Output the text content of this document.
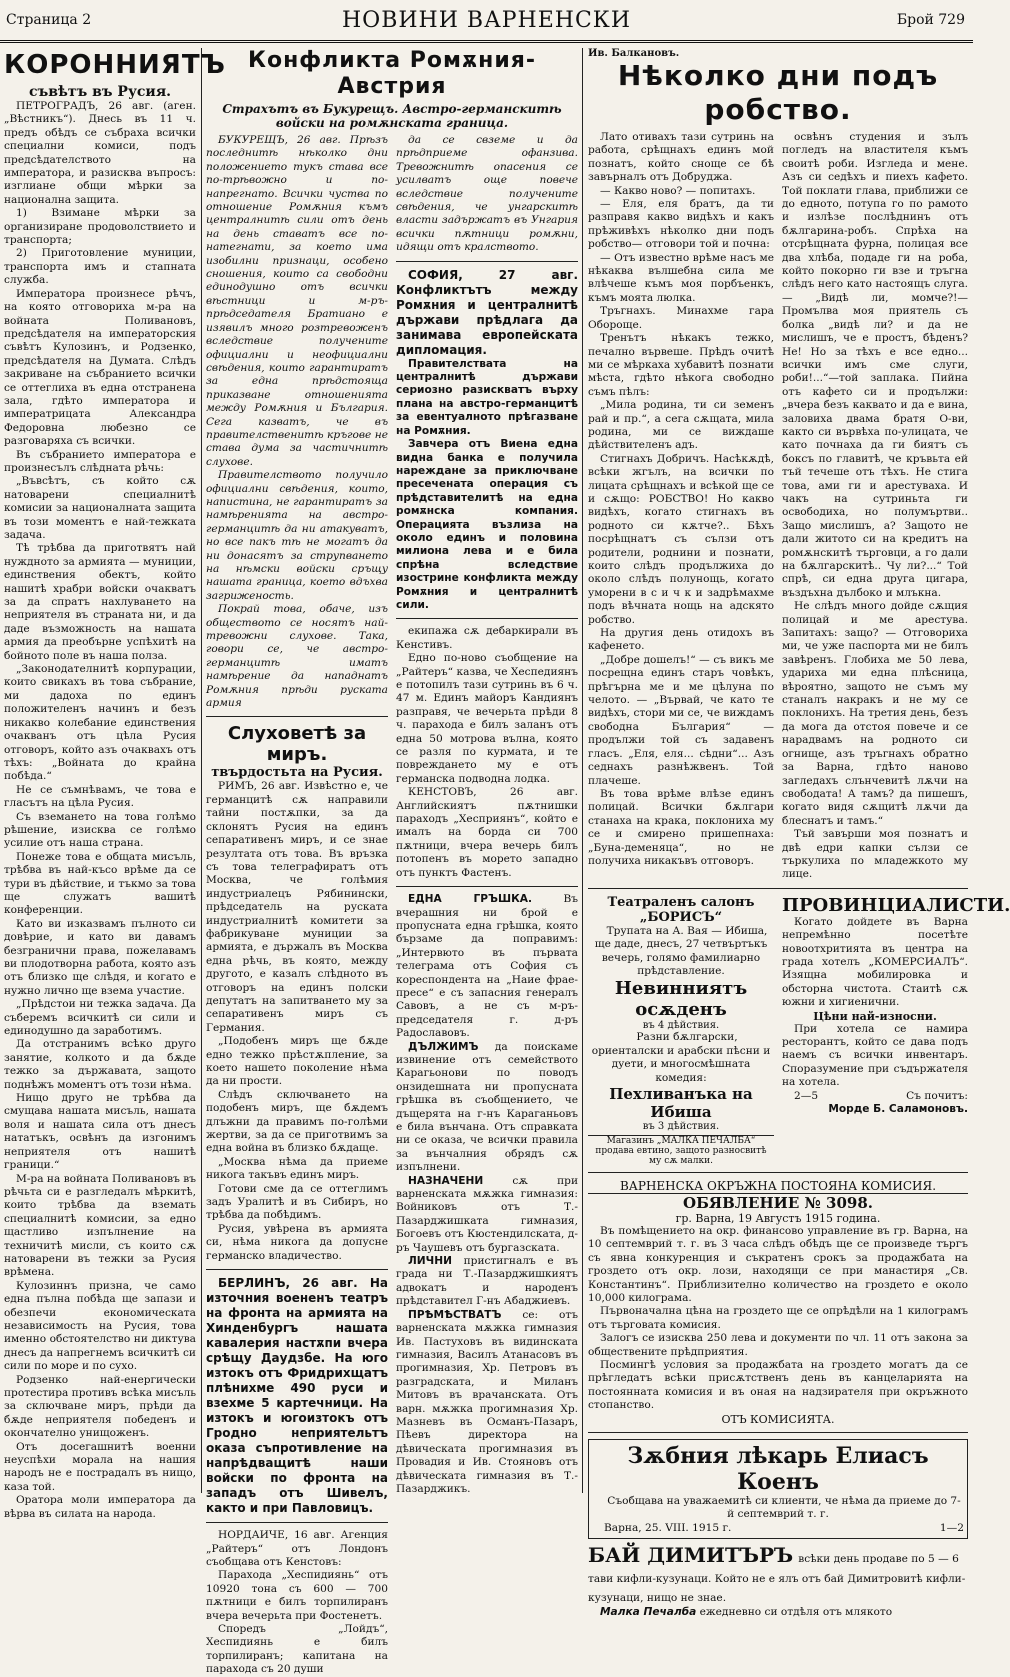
Страница 2	НОВИНИ ВАРНЕНСКИ	Брой 729
КОРОННИЯТЪ
съвѣтъ въ Русия.

ПЕТРОГРАДЪ, 26 авг. (аген. „Вѣстникъ“). Днесь въ 11 ч. предъ обѣдъ се събраха всички специални комиси, подъ предсѣдателството на императора, и разисква въпросъ: изглиане общи мѣрки за национална защита.

1) Взимане мѣрки за организиране продоволствието и транспорта;

2) Приготовление муниции, транспорта имъ и стапната служба.

Императора произнесе рѣчъ, на която отговориха м-ра на войната Поливановъ, предсѣдателя на императорския съвѣтъ Кулозинъ, и Родзенко, предсѣдателя на Думата. Слѣдъ закриване на събранието всички се оттеглиха въ една отстранена зала, гдѣто императора и императрицата Александра Федоровна любезно се разговаряха съ всички.

Въ събранието императора е произнесълъ слѣдната рѣчь:

„Въвсѣтъ, съ който сѫ натоварени специалнитѣ комисии за националната защита въ този моментъ е най-тежката задача.

Тѣ трѣбва да приготвятъ най нуждното за армията — муниции, единствения обектъ, който нашитѣ храбри войски очакватъ за да спратъ нахлуването на неприятеля въ страната ни, и да даде възможность на нашата армия да преобърне успѣхитѣ на бойното поле въ наша полза.

„Законодателнитѣ корпурации, които свикахъ въ това събрание, ми дадоха по единъ положителенъ начинъ и безъ никакво колебание единствения очакванъ отъ цѣла Русия отговоръ, който азъ очаквахъ отъ тѣхъ: „Войната до крайна побѣда.“

Не се съмнѣвамъ, че това е гласътъ на цѣла Русия.

Съ вземането на това голѣмо рѣшение, изисква се голѣмо усилие отъ наша страна.

Понеже това е общата мисъль, трѣбва въ най-късо врѣме да се тури въ дѣйствие, и тъкмо за това ще служатъ вашитѣ конференции.

Като ви изказвамъ пълното си довѣрие, и като ви давамъ безгранични права, пожелавамъ ви плодотворна работа, която азъ отъ близко ще слѣдя, и когато е нужно лично ще взема участие.

„Прѣдстои ни тежка задача. Да съберемъ всичкитѣ си сили и единодушно да заработимъ.

Да отстранимъ всѣко друго занятие, колкото и да бѫде тежко за държавата, защото поднѣжъ моментъ отъ този нѣма.

Нищо друго не трѣбва да смущава нашата мисъль, нашата воля и нашата сила отъ днесъ нататъкъ, освѣнъ да изгонимъ неприятеля отъ нашитѣ граници.“

М-ра на войната Поливановъ въ рѣчьта си е разгледалъ мѣркитѣ, които трѣбва да вземать специалнитѣ комисии, за едно щастливо изпълнение на техничитѣ мисли, съ които сѫ натоварени въ тежки за Русия врѣмена.

Кулозиннъ призна, че само една пълна побѣда ще запази и обезпечи економическата независимость на Русия, това именно обстоятелство ни диктува днесъ да напрегнемъ всичкитѣ си сили по море и по сухо.

Родзенко най-енергически протестира противъ всѣка мисъль за сключване миръ, прѣди да бѫде неприятеля победенъ и окончателно унищоженъ.

Отъ досегашнитѣ военни неуспѣхи морала на нашия народъ не е пострадалъ въ нищо, каза той.

Оратора моли императора да вѣрва въ силата на народа.

Конфликта Ромѫния-Австрия
Страхътъ въ Букурещъ. Австро-германскитѣ войски на ромѫнската граница.

БУКУРЕЩЪ, 26 авг. Прѣзъ последнитѣ нѣколко дни положението тукъ става все по-трѣвожно и по-напрегнато. Всички чуства по отношение Ромѫния къмъ централнитѣ сили отъ день на день ставатъ все по-натегнати, за което има изобилни признаци, особено сношения, които са свободни единодушно отъ всички вѣстници и м-ръ-прѣдседателя Братиано е изявилъ много розтревоженъ вследствие получените официални и неофициални свѣдения, които гарантиратъ за една прѣдстояща приказване отношенията между Ромѫния и България. Сега казватъ, че въ правителственитѣ кръгове не става дума за частичнитѣ слухове.

Правителството получило официални свѣдения, които, напистина, не гарантиратъ за намѣренията на австро-германцитѣ да ни атакуватъ, но все пакъ тѣ не могатъ да ни донасятъ за струпването на нѣмски войски сръщу нашата граница, което вдъхва загриженость.

Покрай това, обаче, изъ обществото се носятъ най-тревожни слухове. Така, говори се, че австро-германцитѣ иматъ намѣрение да нападнатъ Ромѫния прѣди руската армия

Слуховетѣ за миръ.
твърдостьта на Русия.

РИМЪ, 26 авг. Извѣстно е, че германцитѣ сѫ направили тайни постѫпки, за да склонятъ Русия на единъ сепаративенъ миръ, и се знае резултата отъ това. Въ връзка съ това телеграфиратъ отъ Москва, че голѣмия индустриалецъ Рябинински, прѣдседатель на руската индустриалнитѣ комитети за фабрикуване муниции за армията, е държалъ въ Москва една рѣчь, въ която, между другото, е казалъ слѣдното въ отговоръ на единъ полски депутатъ на запитването му за сепаративенъ миръ съ Германия.

„Подобенъ миръ ще бѫде едно тежко прѣстѫпление, за което нашето поколение нѣма да ни прости.

Слѣдъ сключването на подобенъ миръ, ще бѫдемъ длъжни да правимъ по-голѣми жертви, за да се приготвимъ за една война въ близко бѫдаще.

„Москва нѣма да приеме никога такъвъ единъ миръ.

Готови сме да се оттеглимъ задъ Уралитѣ и въ Сибиръ, но трѣбва да побѣдимъ.

Русия, увѣрена въ армията си, нѣма никога да допусне германско владичество.

БЕРЛИНЪ, 26 авг. На източния воененъ театръ на фронта на армията на Хинденбургъ нашата кавалерия настѫпи вчера срѣщу Даудзбе. На юго изтокъ отъ Фридрихщатъ плѣнихме 490 руси и взехме 5 картечници. На изтокъ и югоизтокъ отъ Гродно неприятельтъ оказа съпротивление на напрѣдващитѣ наши войски по фронта на западъ отъ Шивелъ, както и при Павловицъ.

НОРДАИЧЕ, 16 авг. Агенция „Райтеръ“ отъ Лондонъ съобщава отъ Кенстовъ:

Парахода „Хеспидиянь“ отъ 10920 тона съ 600 — 700 пѫтници е билъ торпилиранъ вчера вечерьта при Фостенетъ.

Споредъ „Лойдъ“, Хеспидиянь е билъ торпилиранъ; капитана на парахода съ 20 души

да се свземе и да прѣдприеме офанзива. Тревожнитѣ опасения се усилватъ още повече вследствие получените свѣдения, че унгарскитѣ власти задържатъ въ Унгария всички пѫтници ромѫни, идящи отъ кралството.

СОФИЯ, 27 авг. Конфликтътъ между Ромѫния и централнитѣ държави прѣдлага да занимава европейската дипломация.

Правителствата на централнитѣ държави сериозно разискватъ върху плана на австро-германцитѣ за евентуалното прѣгазване на Ромѫния.

Завчера отъ Виена една видна банка е получила нареждане за приключване пресечената операция съ прѣдставителитѣ на една ромѫнска компания. Операцията възлиза на около единъ и половина милиона лева и е била спрѣна вследствие изострине конфликта между Ромѫния и централнитѣ сили.

екипажа сѫ дебаркирали въ Кенстивъ.

Едно по-ново съобщение на „Райтеръ“ казва, че Хеспедиянъ е потопилъ тази сутринь въ 6 ч. 47 м. Единъ майоръ Кандиянъ разправя, че вечерьта прѣди 8 ч. парахода е билъ заланъ отъ една 50 мотрова вълна, която се разля по курмата, и те повреждането му е отъ германска подводна лодка.

КЕНСТОВЪ, 26 авг. Английскиятъ пѫтнишки параходъ „Хесприянъ“, който е ималъ на борда си 700 пѫтници, вчера вечерь билъ потопенъ въ морето западно отъ пунктъ Фастенъ.

ЕДНА ГРЪШКА.	Въ вчерашния ни брой е пропусната една грѣшка, която бързаме да поправимъ: „Интервюто въ първата телеграма отъ София съ кореспондента на „Наие фрае-пресе“ е съ запасния генералъ Савовъ, а не съ м-ръ-председателя г. д-ръ Радославовъ.

ДЪЛЖИМЪ да поискаме извинение отъ семейството Карагьонови по поводъ онзидешната ни пропусната грѣшка въ съобщението, че дъщерята на г-нъ Караганьовъ е била вънчана. Отъ справката ни се оказа, че всички правила за вънчалния обрядъ сѫ изпълнени.

НАЗНАЧЕНИ	сѫ при варненската мѫжка гимназия: Войниковъ отъ Т.-Пазарджишката гимназия, Богоевъ отъ Кюстендилската, д-ръ Чаушевъ отъ бургазската.

ЛИЧНИ пристигналъ е въ града ни Т.-Пазарджишкиятъ адвокатъ и народенъ прѣдставител Г-нъ Абаджиевъ.

ПРѢМѢСТВАТЪ се: отъ варненската мѫжка гимназия Ив. Пастуховъ въ видинската гимназия, Василъ Атанасовъ въ прогимназия, Хр. Петровъ въ разградската, и Миланъ Митовъ въ врачанската. Отъ варн. мѫжка прогимназия Хр. Мазневъ въ Османъ-Пазаръ, Пѣевъ директора на дѣвическата прогимназия въ Провадия и Ив. Стояновъ отъ дѣвическата гимназия въ Т.-Пазарджикъ.

Ив. Балкановъ.
Нѣколко дни подъ робство.

Лато отивахъ тази сутринь на работа, срѣщнахъ единъ мой познатъ, който сноще се бѣ завърналъ отъ Добруджа.

— Какво ново? — попитахъ.

— Еля, еля братъ, да ти разправя какво видѣхъ и какъ прѣживѣхъ нѣколко дни подъ робство— отговори той и почна:

— Отъ известно врѣме насъ ме нѣкаква вълшебна сила ме влѣчеше къмъ моя порбъенкъ, къмъ моята люлка.

Тръгнахъ. Минахме гара Обороще.

Тренътъ нѣкакъ тежко, печално вървеше. Прѣдъ очитѣ ми се мѣркаха хубавитѣ познати мѣста, гдѣто нѣкога свободно съмъ пѣлъ:

„Мила родина, ти си земенъ рай и пр.“, а сега сѫщата, мила родина, ми се виждаше дѣйствителенъ адъ.

Стигнахъ Добричъ. Насѣкѫдѣ, всѣки жгълъ, на всички по лицата срѣщнахъ и всѣкой ще се и сѫщо: РОБСТВО! Но какво видѣхъ, когато стигнахъ въ родното си кѫтче?.. Бѣхъ посрѣщнатъ съ сълзи отъ родители, роднини и познати, които слѣдъ продължиха до около слѣдъ полунощь, когато уморени в с и ч к и задрѣмахме подъ вѣчната нощь на адскято робство.

На другия день отидохъ въ кафенето.

„Добре дошелъ!“ — съ викъ ме посрещна единъ старъ човѣкъ, прѣгърна ме и ме цѣлуна по челото. — „Вървай, че като те видѣхъ, стори ми се, че виждамъ свободна България“ — продължи той съ задавенъ гласъ. „Еля, еля... сѣдни“... Азъ седнахъ разнѣжвенъ. Той плачеше.

Въ това врѣме влѣзе единъ полицай. Всички бѫлгари станаха на крака, поклониха му се и смирено пришепнаха: „Буна-деменяца“, но не получиха никакъвъ отговоръ.

освѣнъ студения и зълъ погледъ на властителя къмъ своитѣ роби. Изгледа и мене. Азъ си седѣхъ и пиехъ кафето. Той поклати глава, приближи се до едното, потупа го по рамото и излѣзе послѣднинъ отъ бѫлгарина-робъ. Спрѣха на отсрѣщната фурна, полицая все два хлѣба, подаде ги на роба, който покорно ги взе и тръгна слѣдъ него като настоящъ слуга. — „Видѣ ли, момче?!— Промълва моя приятель съ болка „видѣ ли? и да не мислишъ, че е простъ, бѣденъ? Не! Но за тѣхъ е все едно... всички имъ сме слуги, роби!...“—той заплака. Пийна отъ кафето си и продължи: „вчера безъ каквато и да е вина, заловиха двама братя О-ви, както си вървѣха по-улицата, че като почнаха да ги биятъ съ боксъ по главитѣ, че кръвьта ей тъй течеше отъ тѣхъ. Не стига това, ами ги и арестуваха. И чакъ на сутриньта ги освободиха, но полумъртви.. Защо мислишъ, а? Защото не дали житото си на кредитъ на ромѫнскитѣ търговци, а го дали на бѫлгарскитѣ.. Чу ли?...“ Той спрѣ, си една друга цигара, въздъхна дълбоко и млъкна.

Не слѣдъ много дойде сѫщия полицай и ме арестува. Запитахъ: защо? — Отговориха ми, че уже паспорта ми не билъ завѣренъ. Глобиха ме 50 лева, удариха ми една плѣсница, вѣроятно, защото не съмъ му станалъ накракъ и не му се поклонихъ. На третия день, безъ да мога да отстоя повече и се нарадвамъ на родното си огнище, азъ тръгнахъ обратно за Варна, гдѣто наново загледахъ слънчевитѣ лѫчи на свободата! А тамъ? да пишешъ, когато видя сѫщитѣ лѫчи да блеснатъ и тамъ.“

Тъй завърши моя познатъ и двѣ едри капки сълзи се търкулиха по младежкото му лице.

Театраленъ салонъ „БОРИСЪ“

Трупата на А. Вая — Ибиша, ще даде, днесъ, 27 четвъртъкъ вечерь, голямо фамилиарно прѣдставление.

Невинниятъ осѫденъ
въ 4 дѣйствия.

Разни бѫлгарски, ориенталски и арабски пѣсни и дуети, и многосмѣшната комедия:

Пехливанъка на Ибиша
въ 3 дѣйствия.
Магазинъ „МАЛКА ПЕЧАЛБА“ продава евтино, защото разносвитѣ му сѫ малки.
ПРОВИНЦИАЛИСТИ.

Когато дойдете въ Варна непремѣнно посетѣте новоотхритията въ центра на града хотелъ „КОМЕРСИАЛЪ“. Изящна мобилировка и обсторна чистота. Стаитѣ сѫ южни и хигиенични.

Цѣни най-износни.

При хотела се намира ресторантъ, който се дава подъ наемъ съ всички инвентаръ. Споразумение при съдържателя на хотела.

2—5	Съ почитъ:
Морде Б. Саламоновъ.
ВАРНЕНСКА ОКРЪЖНА ПОСТОЯНА КОМИСИЯ.
ОБЯВЛЕНИЕ № 3098.
гр. Варна, 19 Августъ 1915 година.

Въ помѣщението на окр. финансово управление въ гр. Варна, на 10 септемврий т. г. въ 3 часа слѣдъ обѣдъ ще се произведе търгъ съ явна конкуренция и съкратенъ срокъ за продажбата на гроздето отъ окр. лози, находящи се при манастиря „Св. Константинъ“. Приблизително количество на гроздето е около 10,000 килограма.

Първоначална цѣна на гроздето ще се опрѣдѣли на 1 килограмъ отъ търговата комисия.

Залогъ се изисква 250 лева и документи по чл. 11 отъ закона за обществените прѣдприятия.

Посмингѣ условия за продажбата на гроздето могатъ да се прѣгледатъ всѣки присѫтственъ день въ канцеларията на постоянната комисия и въ оная на надзирателя при окръжното стопанство.

ОТЪ КОМИСИЯТА.
Зѫбния лѣкарь Елиасъ Коенъ

Съобщава на уважаемитѣ си клиенти, че нѣма да приеме до 7-й септемврий т. г.

Варна, 25. VIII. 1915 г.	1—2
БАЙ ДИМИТЪРЪ всѣки день продаве по 5 — 6 тави кифли-кузунаци. Който не е ялъ отъ бай Димитровитѣ кифли-кузунаци, нищо не знае.
Малка Печалба ежедневно си отдѣля отъ млякото
